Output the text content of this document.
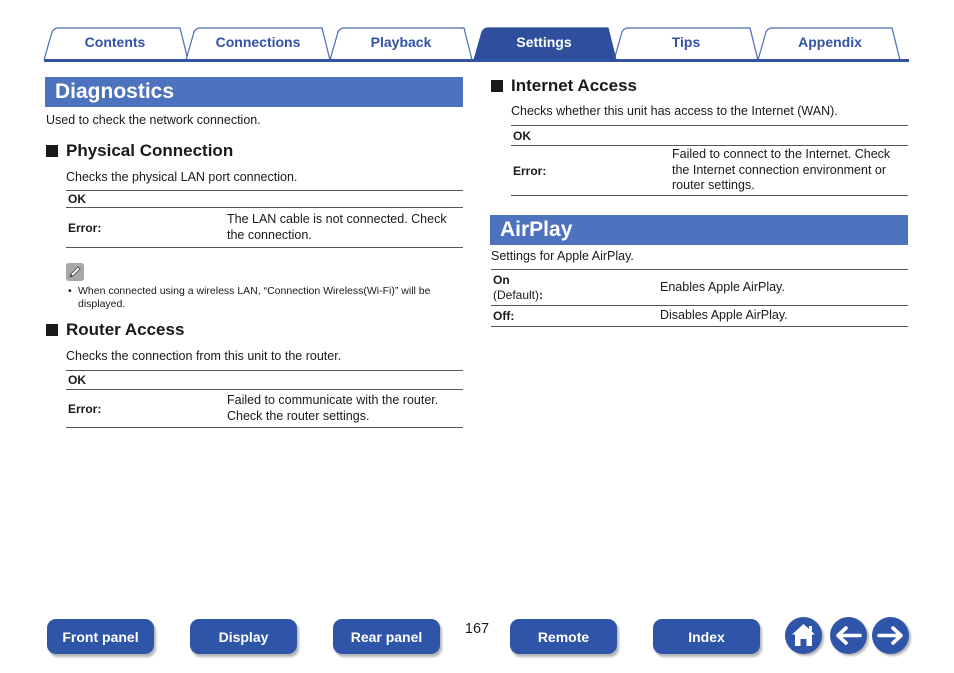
Contents	Connections	Playback	Settings	Tips	Appendix
Diagnostics
Used to check the network connection.
Physical Connection
Checks the physical LAN port connection.
OK
Error:
The LAN cable is not connected. Check the connection.
• When connected using a wireless LAN, “Connection Wireless(Wi-Fi)” will be displayed.
Router Access
Checks the connection from this unit to the router.
OK
Error:
Failed to communicate with the router. Check the router settings.
Internet Access
Checks whether this unit has access to the Internet (WAN).
OK
Error:
Failed to connect to the Internet. Check the Internet connection environment or router settings.
AirPlay
Settings for Apple AirPlay.
On
(Default):
Enables Apple AirPlay.
Off:	Disables Apple AirPlay.
Front panel	Display	Rear panel	167	Remote	Index
